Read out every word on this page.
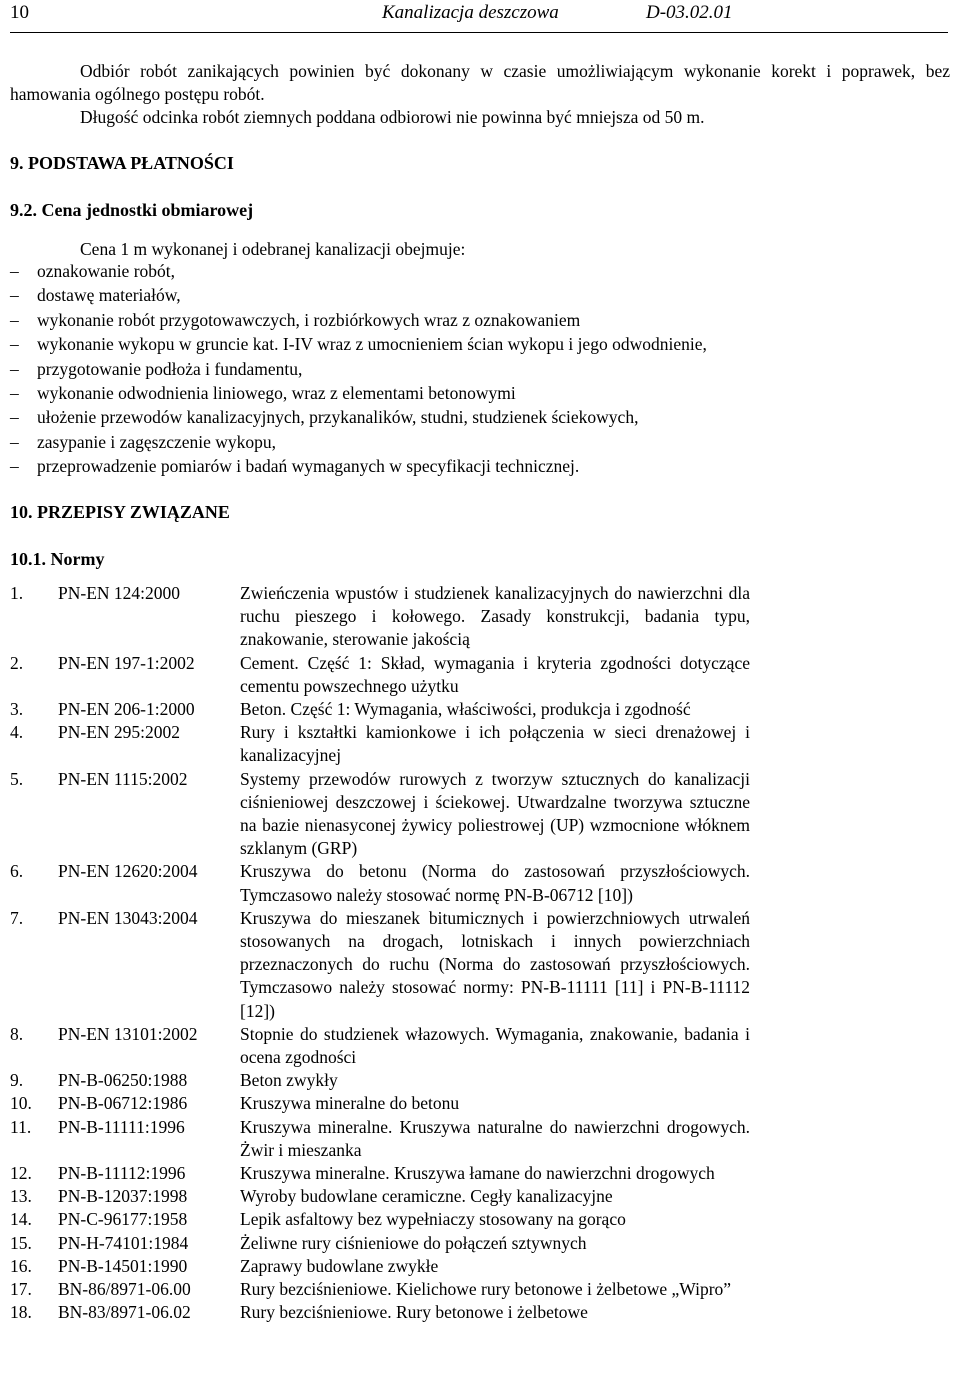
10	Kanalizacja deszczowa	D-03.02.01
Odbiór robót zanikających powinien być dokonany w czasie umożliwiającym wykonanie korekt i poprawek, bez hamowania ogólnego postępu robót.
Długość odcinka robót ziemnych poddana odbiorowi nie powinna być mniejsza od 50 m.
9. PODSTAWA PŁATNOŚCI
9.2. Cena jednostki obmiarowej
Cena 1 m wykonanej i odebranej kanalizacji obejmuje:
– oznakowanie robót,
– dostawę materiałów,
– wykonanie robót przygotowawczych, i rozbiórkowych wraz z oznakowaniem
– wykonanie wykopu w gruncie kat. I-IV wraz z umocnieniem ścian wykopu i jego odwodnienie,
– przygotowanie podłoża i fundamentu,
– wykonanie odwodnienia liniowego, wraz z elementami betonowymi
– ułożenie przewodów kanalizacyjnych, przykanalików, studni, studzienek ściekowych,
– zasypanie i zagęszczenie wykopu,
– przeprowadzenie pomiarów i badań wymaganych w specyfikacji technicznej.
10. PRZEPISY ZWIĄZANE
10.1. Normy
1. PN-EN 124:2000	Zwieńczenia wpustów i studzienek kanalizacyjnych do nawierzchni dla ruchu pieszego i kołowego. Zasady konstrukcji, badania typu, znakowanie, sterowanie jakością
2. PN-EN 197-1:2002	Cement. Część 1: Skład, wymagania i kryteria zgodności dotyczące cementu powszechnego użytku
3. PN-EN 206-1:2000	Beton. Część 1: Wymagania, właściwości, produkcja i zgodność
4. PN-EN 295:2002	Rury i kształtki kamionkowe i ich połączenia w sieci drenażowej i kanalizacyjnej
5. PN-EN 1115:2002	Systemy przewodów rurowych z tworzyw sztucznych do kanalizacji ciśnieniowej deszczowej i ściekowej. Utwardzalne tworzywa sztuczne na bazie nienasyconej żywicy poliestrowej (UP) wzmocnione włóknem szklanym (GRP)
6. PN-EN 12620:2004 Kruszywa do betonu (Norma do zastosowań przyszłościowych. Tymczasowo należy stosować normę PN-B-06712 [10])
7. PN-EN 13043:2004 Kruszywa do mieszanek bitumicznych i powierzchniowych utrwaleń stosowanych na drogach, lotniskach i innych powierzchniach przeznaczonych do ruchu (Norma do zastosowań przyszłościowych. Tymczasowo należy stosować normy: PN-B-11111 [11] i PN-B-11112 [12])
8. PN-EN 13101:2002 Stopnie do studzienek włazowych. Wymagania, znakowanie, badania i ocena zgodności
9. PN-B-06250:1988	Beton zwykły
10. PN-B-06712:1986	Kruszywa mineralne do betonu
11. PN-B-11111:1996	Kruszywa mineralne. Kruszywa naturalne do nawierzchni drogowych. Żwir i mieszanka
12. PN-B-11112:1996	Kruszywa mineralne. Kruszywa łamane do nawierzchni drogowych
13. PN-B-12037:1998	Wyroby budowlane ceramiczne. Cegły kanalizacyjne
14. PN-C-96177:1958	Lepik asfaltowy bez wypełniaczy stosowany na gorąco
15. PN-H-74101:1984	Żeliwne rury ciśnieniowe do połączeń sztywnych
16. PN-B-14501:1990	Zaprawy budowlane zwykłe
17. BN-86/8971-06.00	Rury bezciśnieniowe. Kielichowe rury betonowe i żelbetowe „Wipro”
18. BN-83/8971-06.02	Rury bezciśnieniowe. Rury betonowe i żelbetowe
